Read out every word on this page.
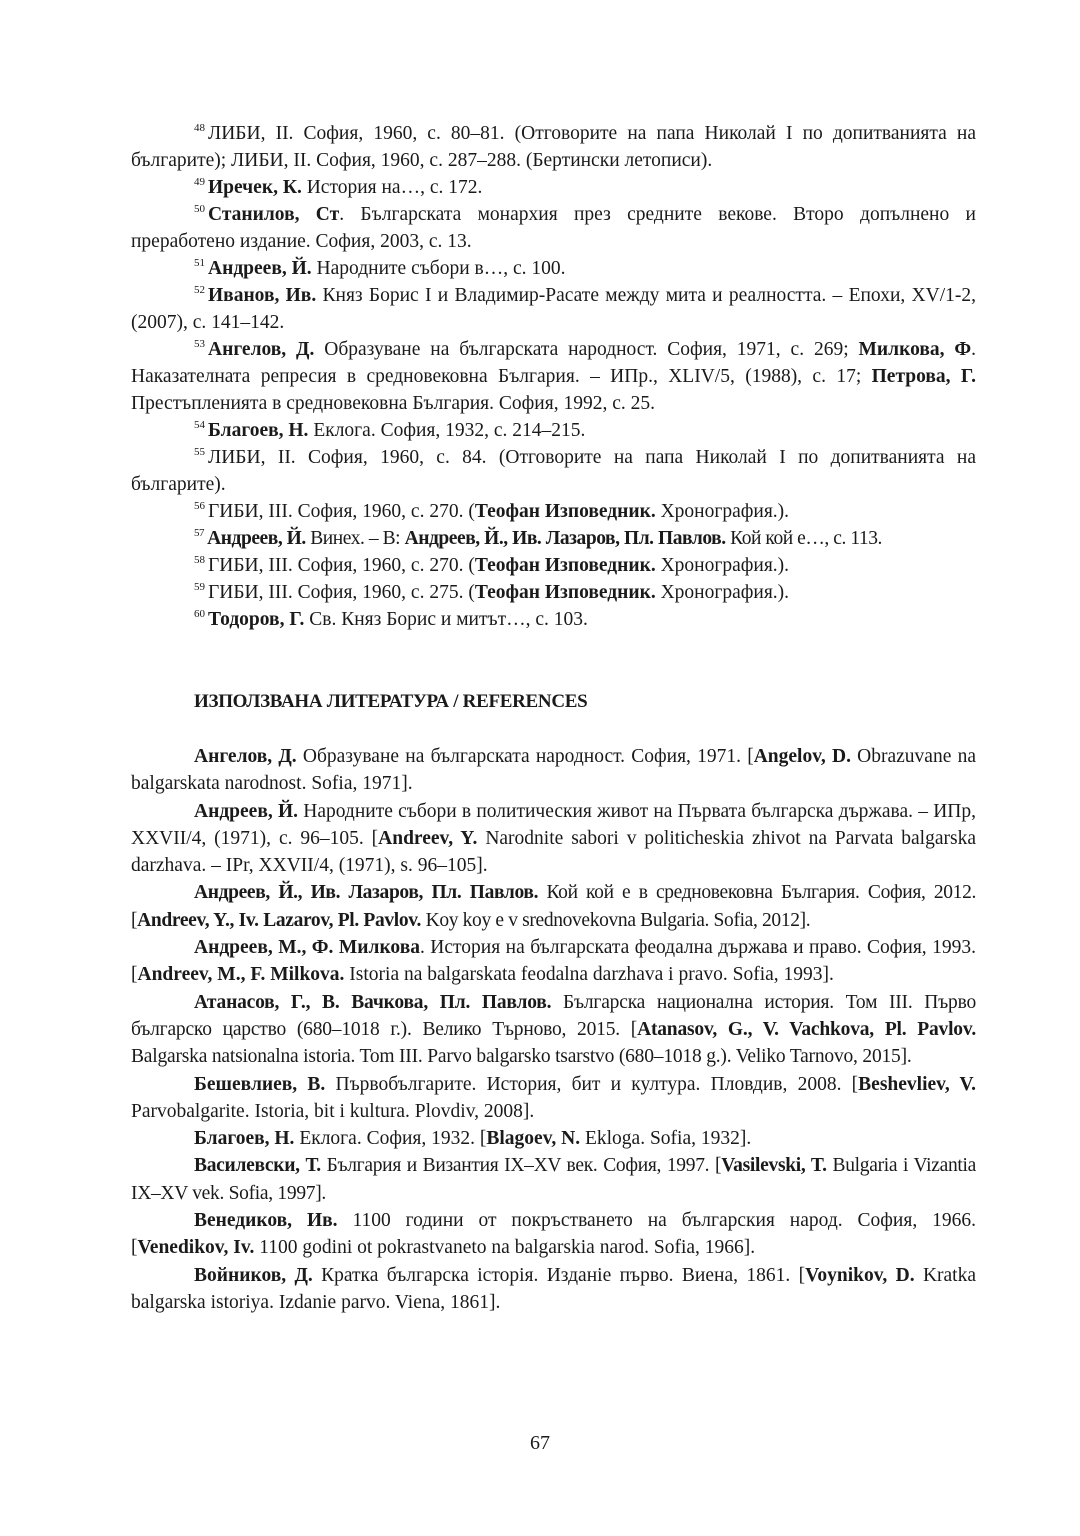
$^{48}$ ЛИБИ, II. София, 1960, с. 80–81. (Отговорите на папа Николай I по допитванията на българите); ЛИБИ, II. София, 1960, с. 287–288. (Бертински летописи).

$^{49}$ Иречек, К. История на…, с. 172.

$^{50}$ Станилов, Ст. Българската монархия през средните векове. Второ допълнено и преработено издание. София, 2003, с. 13.

$^{51}$ Андреев, Й. Народните събори в…, с. 100.

$^{52}$ Иванов, Ив. Княз Борис I и Владимир-Расате между мита и реалността. – Епохи, XV/1-2, (2007), с. 141–142.

$^{53}$ Ангелов, Д. Образуване на българската народност. София, 1971, с. 269; Милкова, Ф. Наказателната репресия в средновековна България. – ИПр., XLIV/5, (1988), с. 17; Петрова, Г. Престъпленията в средновековна България. София, 1992, с. 25.

$^{54}$ Благоев, Н. Еклога. София, 1932, с. 214–215.

$^{55}$ ЛИБИ, II. София, 1960, с. 84. (Отговорите на папа Николай I по допитванията на българите).

$^{56}$ ГИБИ, III. София, 1960, с. 270. (Теофан Изповедник. Хронография.).

$^{57}$ Андреев, Й. Винех. – В: Андреев, Й., Ив. Лазаров, Пл. Павлов. Кой кой е…, с. 113.

$^{58}$ ГИБИ, III. София, 1960, с. 270. (Теофан Изповедник. Хронография.).

$^{59}$ ГИБИ, III. София, 1960, с. 275. (Теофан Изповедник. Хронография.).

$^{60}$ Тодоров, Г. Св. Княз Борис и митът…, с. 103.

ИЗПОЛЗВАНА ЛИТЕРАТУРА / REFERENCES

Ангелов, Д. Образуване на българската народност. София, 1971. [Angelov, D. Obrazuvane na balgarskata narodnost. Sofia, 1971].

Андреев, Й. Народните събори в политическия живот на Първата българска държава. – ИПр, XXVII/4, (1971), с. 96–105. [Andreev, Y. Narodnite sabori v politicheskia zhivot na Parvata balgarska darzhava. – IPr, XXVII/4, (1971), s. 96–105].

Андреев, Й., Ив. Лазаров, Пл. Павлов. Кой кой е в средновековна България. София, 2012. [Andreev, Y., Iv. Lazarov, Pl. Pavlov. Koy koy e v srednovekovna Bulgaria. Sofia, 2012].

Андреев, М., Ф. Милкова. История на българската феодална държава и право. София, 1993. [Andreev, M., F. Milkova. Istoria na balgarskata feodalna darzhava i pravo. Sofia, 1993].

Атанасов, Г., В. Вачкова, Пл. Павлов. Българска национална история. Том III. Първо българско царство (680–1018 г.). Велико Търново, 2015. [Atanasov, G., V. Vachkova, Pl. Pavlov. Balgarska natsionalna istoria. Tom III. Parvo balgarsko tsarstvo (680–1018 g.). Veliko Tarnovo, 2015].

Бешевлиев, В. Първобългарите. История, бит и култура. Пловдив, 2008. [Beshevliev, V. Parvobalgarite. Istoria, bit i kultura. Plovdiv, 2008].

Благоев, Н. Еклога. София, 1932. [Blagoev, N. Ekloga. Sofia, 1932].

Василевски, Т. България и Византия IX–XV век. София, 1997. [Vasilevski, T. Bulgaria i Vizantia IX–XV vek. Sofia, 1997].

Венедиков, Ив. 1100 години от покръстването на българския народ. София, 1966. [Venedikov, Iv. 1100 godini ot pokrastvaneto na balgarskia narod. Sofia, 1966].

Войников, Д. Кратка българска історія. Изданіе първо. Виена, 1861. [Voynikov, D. Kratka balgarska istoriya. Izdanie parvo. Viena, 1861].

67
